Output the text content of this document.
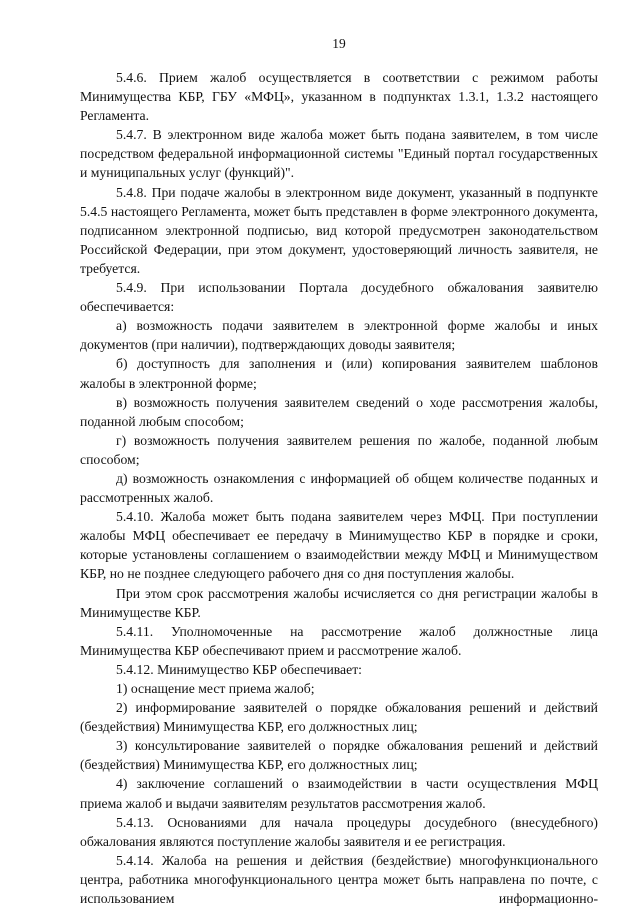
19

5.4.6. Прием жалоб осуществляется в соответствии с режимом работы Минимущества КБР, ГБУ «МФЦ», указанном в подпунктах 1.3.1, 1.3.2 настоящего Регламента.

5.4.7. В электронном виде жалоба может быть подана заявителем, в том числе посредством федеральной информационной системы "Единый портал государственных и муниципальных услуг (функций)".

5.4.8. При подаче жалобы в электронном виде документ, указанный в подпункте 5.4.5 настоящего Регламента, может быть представлен в форме электронного документа, подписанном электронной подписью, вид которой предусмотрен законодательством Российской Федерации, при этом документ, удостоверяющий личность заявителя, не требуется.

5.4.9. При использовании Портала досудебного обжалования заявителю обеспечивается:

а) возможность подачи заявителем в электронной форме жалобы и иных документов (при наличии), подтверждающих доводы заявителя;

б) доступность для заполнения и (или) копирования заявителем шаблонов жалобы в электронной форме;

в) возможность получения заявителем сведений о ходе рассмотрения жалобы, поданной любым способом;

г) возможность получения заявителем решения по жалобе, поданной любым способом;

д) возможность ознакомления с информацией об общем количестве поданных и рассмотренных жалоб.

5.4.10. Жалоба может быть подана заявителем через МФЦ. При поступлении жалобы МФЦ обеспечивает ее передачу в Минимущество КБР в порядке и сроки, которые установлены соглашением о взаимодействии между МФЦ и Минимуществом КБР, но не позднее следующего рабочего дня со дня поступления жалобы.

При этом срок рассмотрения жалобы исчисляется со дня регистрации жалобы в Минимуществе КБР.

5.4.11. Уполномоченные на рассмотрение жалоб должностные лица Минимущества КБР обеспечивают прием и рассмотрение жалоб.

5.4.12. Минимущество КБР обеспечивает:

1) оснащение мест приема жалоб;

2) информирование заявителей о порядке обжалования решений и действий (бездействия) Минимущества КБР, его должностных лиц;

3) консультирование заявителей о порядке обжалования решений и действий (бездействия) Минимущества КБР, его должностных лиц;

4) заключение соглашений о взаимодействии в части осуществления МФЦ приема жалоб и выдачи заявителям результатов рассмотрения жалоб.

5.4.13. Основаниями для начала процедуры досудебного (внесудебного) обжалования являются поступление жалобы заявителя и ее регистрация.

5.4.14. Жалоба на решения и действия (бездействие) многофункционального центра, работника многофункционального центра может быть направлена по почте, с использованием информационно-
